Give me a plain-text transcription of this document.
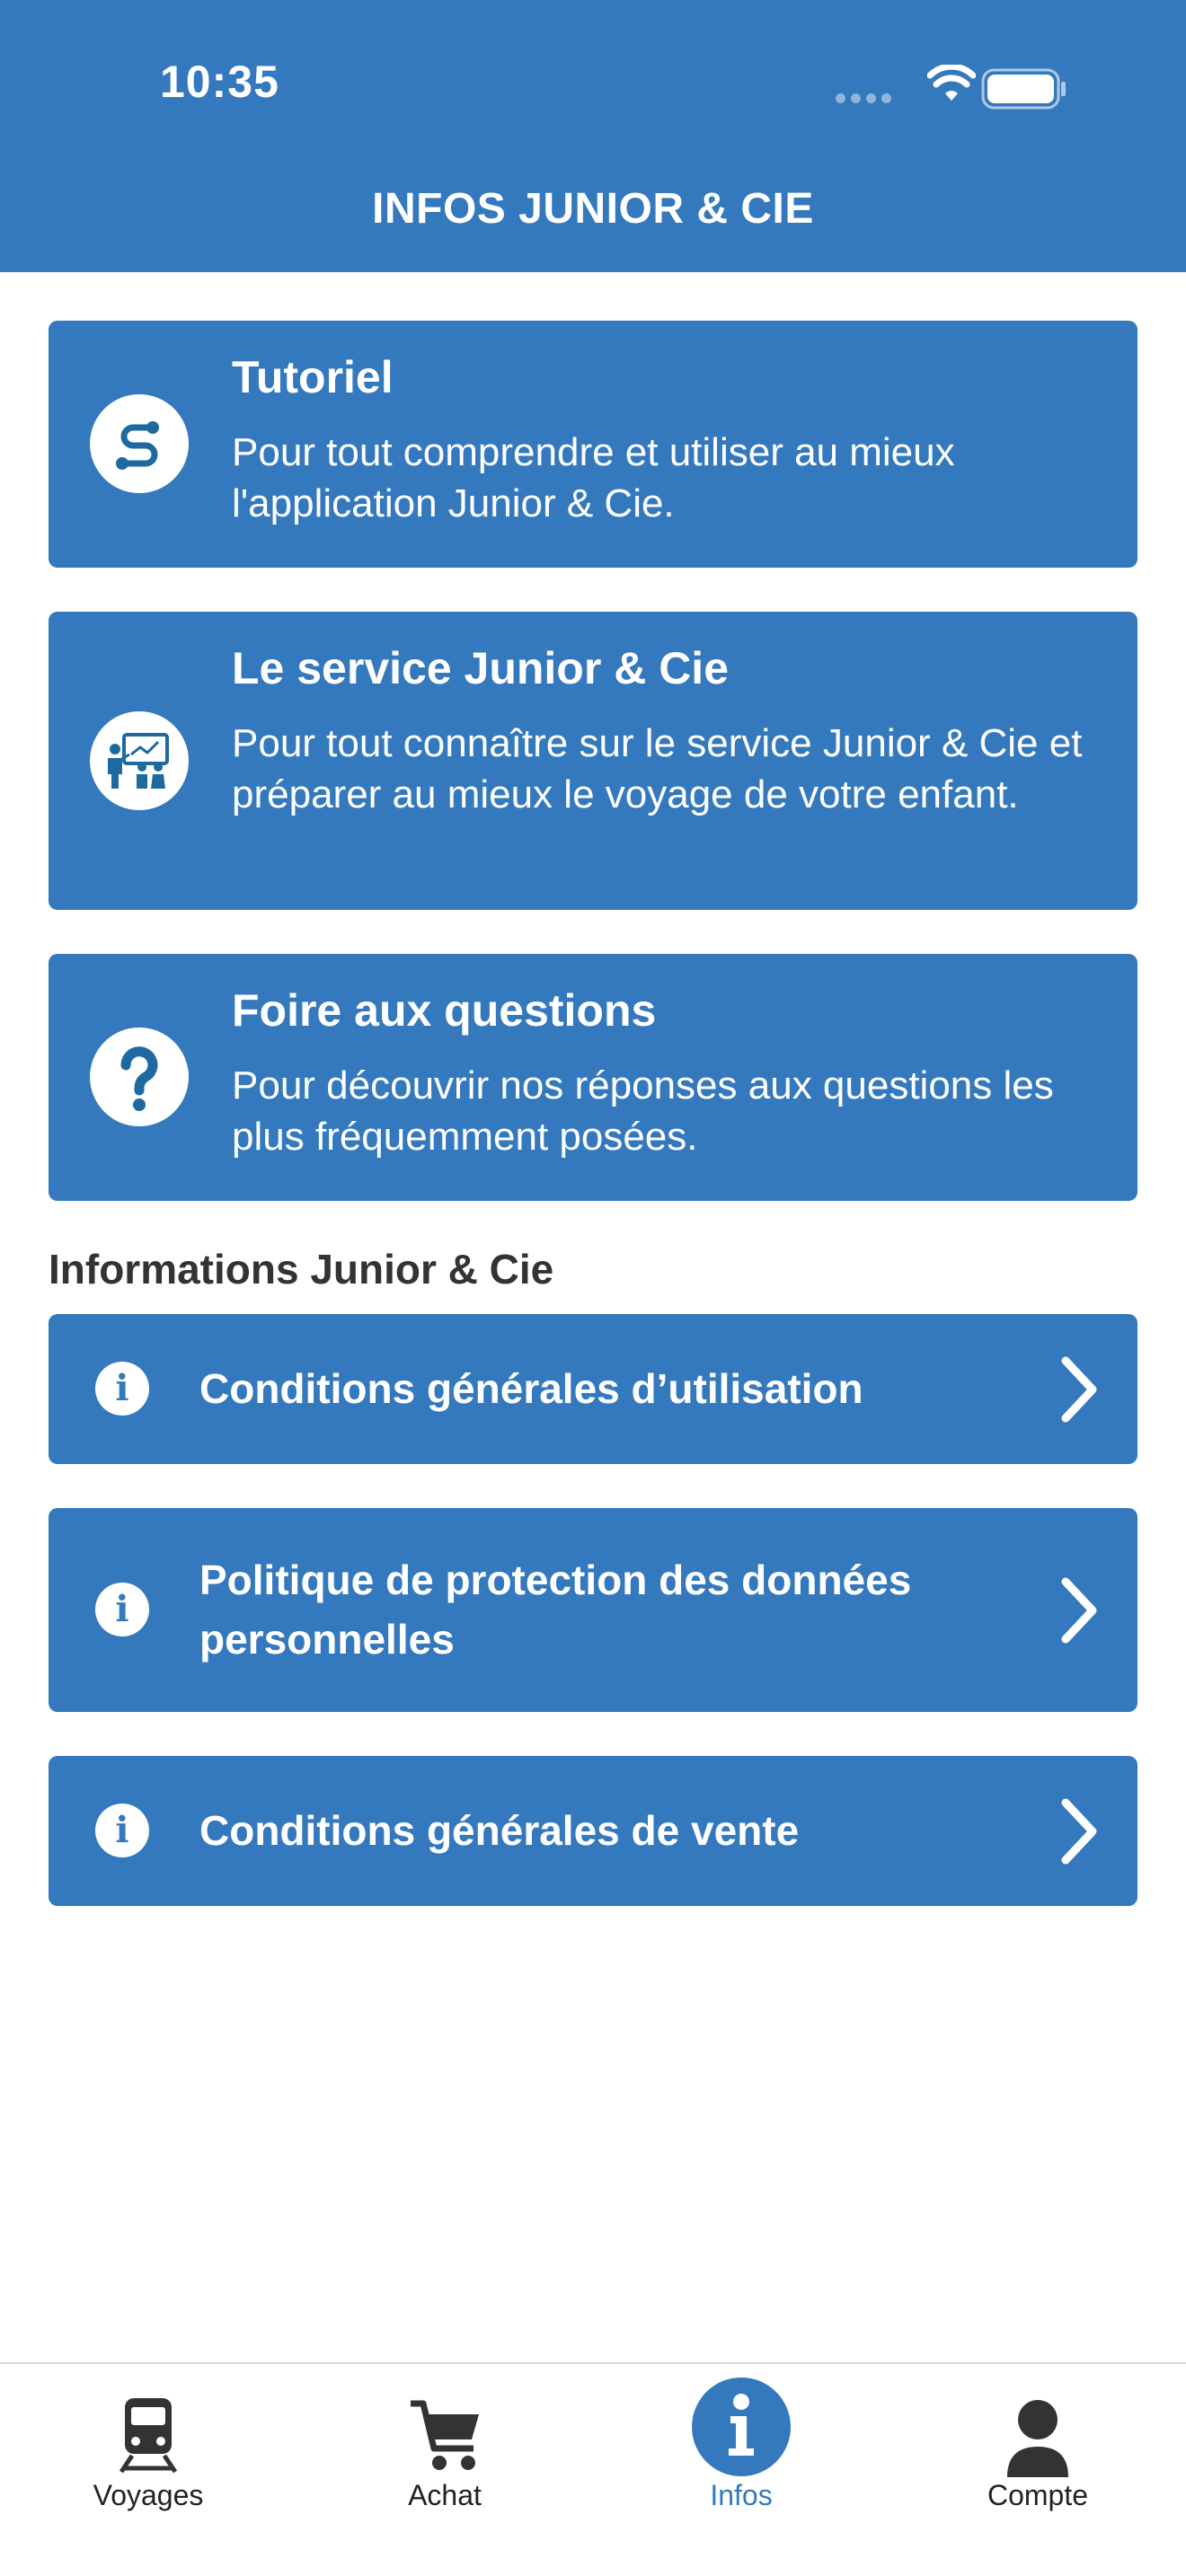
10:35
INFOS JUNIOR & CIE
Tutoriel
Pour tout comprendre et utiliser au mieux l'application Junior & Cie.
Le service Junior & Cie
Pour tout connaître sur le service Junior & Cie et préparer au mieux le voyage de votre enfant.
Foire aux questions
Pour découvrir nos réponses aux questions les plus fréquemment posées.
Informations Junior & Cie
i	Conditions générales d’utilisation
i
Politique de protection des données personnelles
i	Conditions générales de vente
Voyages	Achat	Infos	Compte
